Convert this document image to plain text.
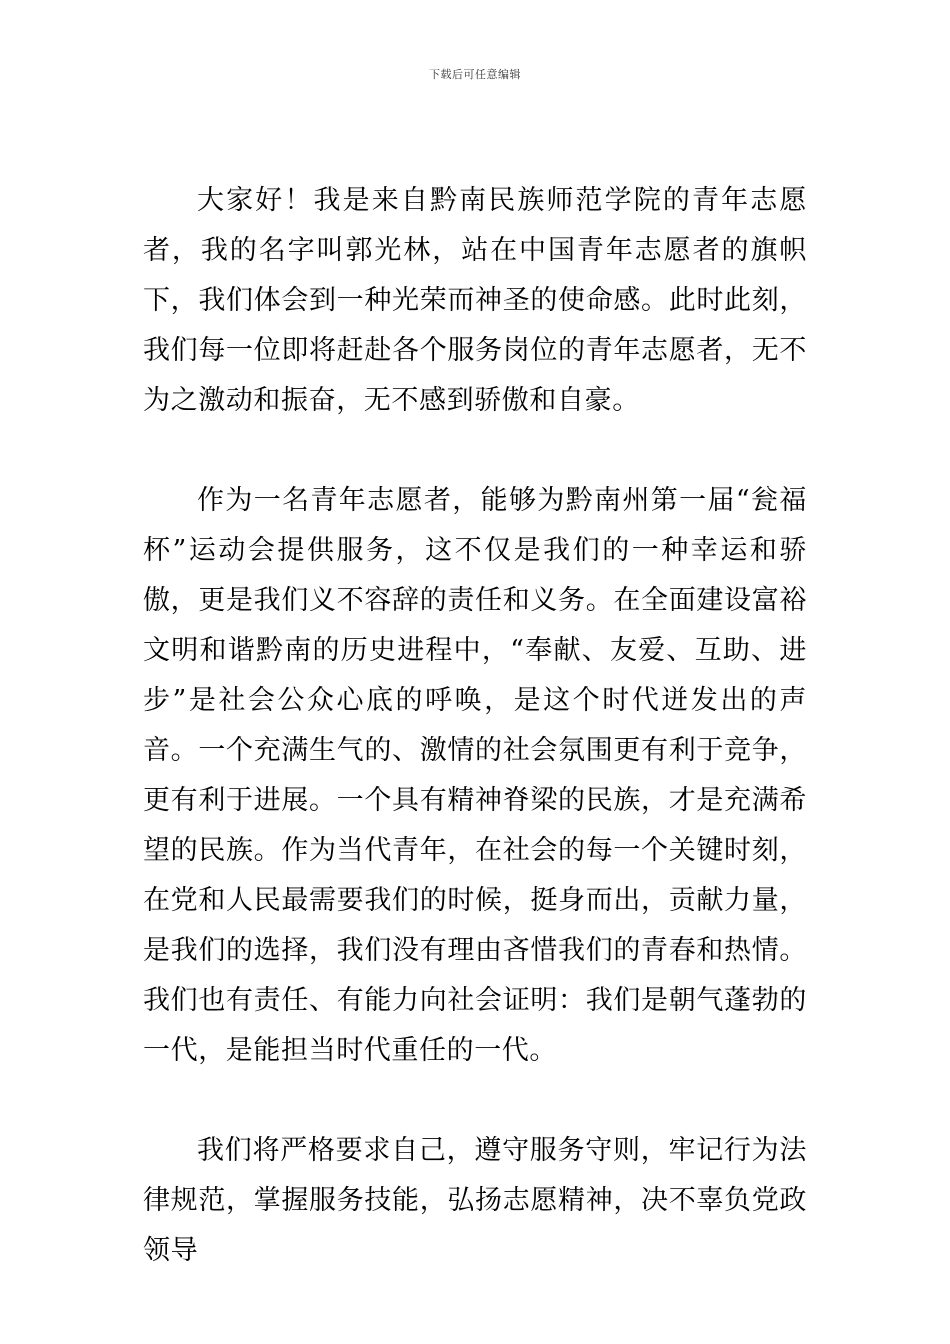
下载后可任意编辑

大家好！我是来自黔南民族师范学院的青年志愿者，我的名字叫郭光林，站在中国青年志愿者的旗帜下，我们体会到一种光荣而神圣的使命感。此时此刻，我们每一位即将赶赴各个服务岗位的青年志愿者，无不为之激动和振奋，无不感到骄傲和自豪。

作为一名青年志愿者，能够为黔南州第一届“瓮福杯”运动会提供服务，这不仅是我们的一种幸运和骄傲，更是我们义不容辞的责任和义务。在全面建设富裕文明和谐黔南的历史进程中，“奉献、友爱、互助、进步”是社会公众心底的呼唤，是这个时代迸发出的声音。一个充满生气的、激情的社会氛围更有利于竞争，更有利于进展。一个具有精神脊梁的民族，才是充满希望的民族。作为当代青年，在社会的每一个关键时刻，在党和人民最需要我们的时候，挺身而出，贡献力量，是我们的选择，我们没有理由吝惜我们的青春和热情。我们也有责任、有能力向社会证明：我们是朝气蓬勃的一代，是能担当时代重任的一代。

我们将严格要求自己，遵守服务守则，牢记行为法律规范，掌握服务技能，弘扬志愿精神，决不辜负党政领导
